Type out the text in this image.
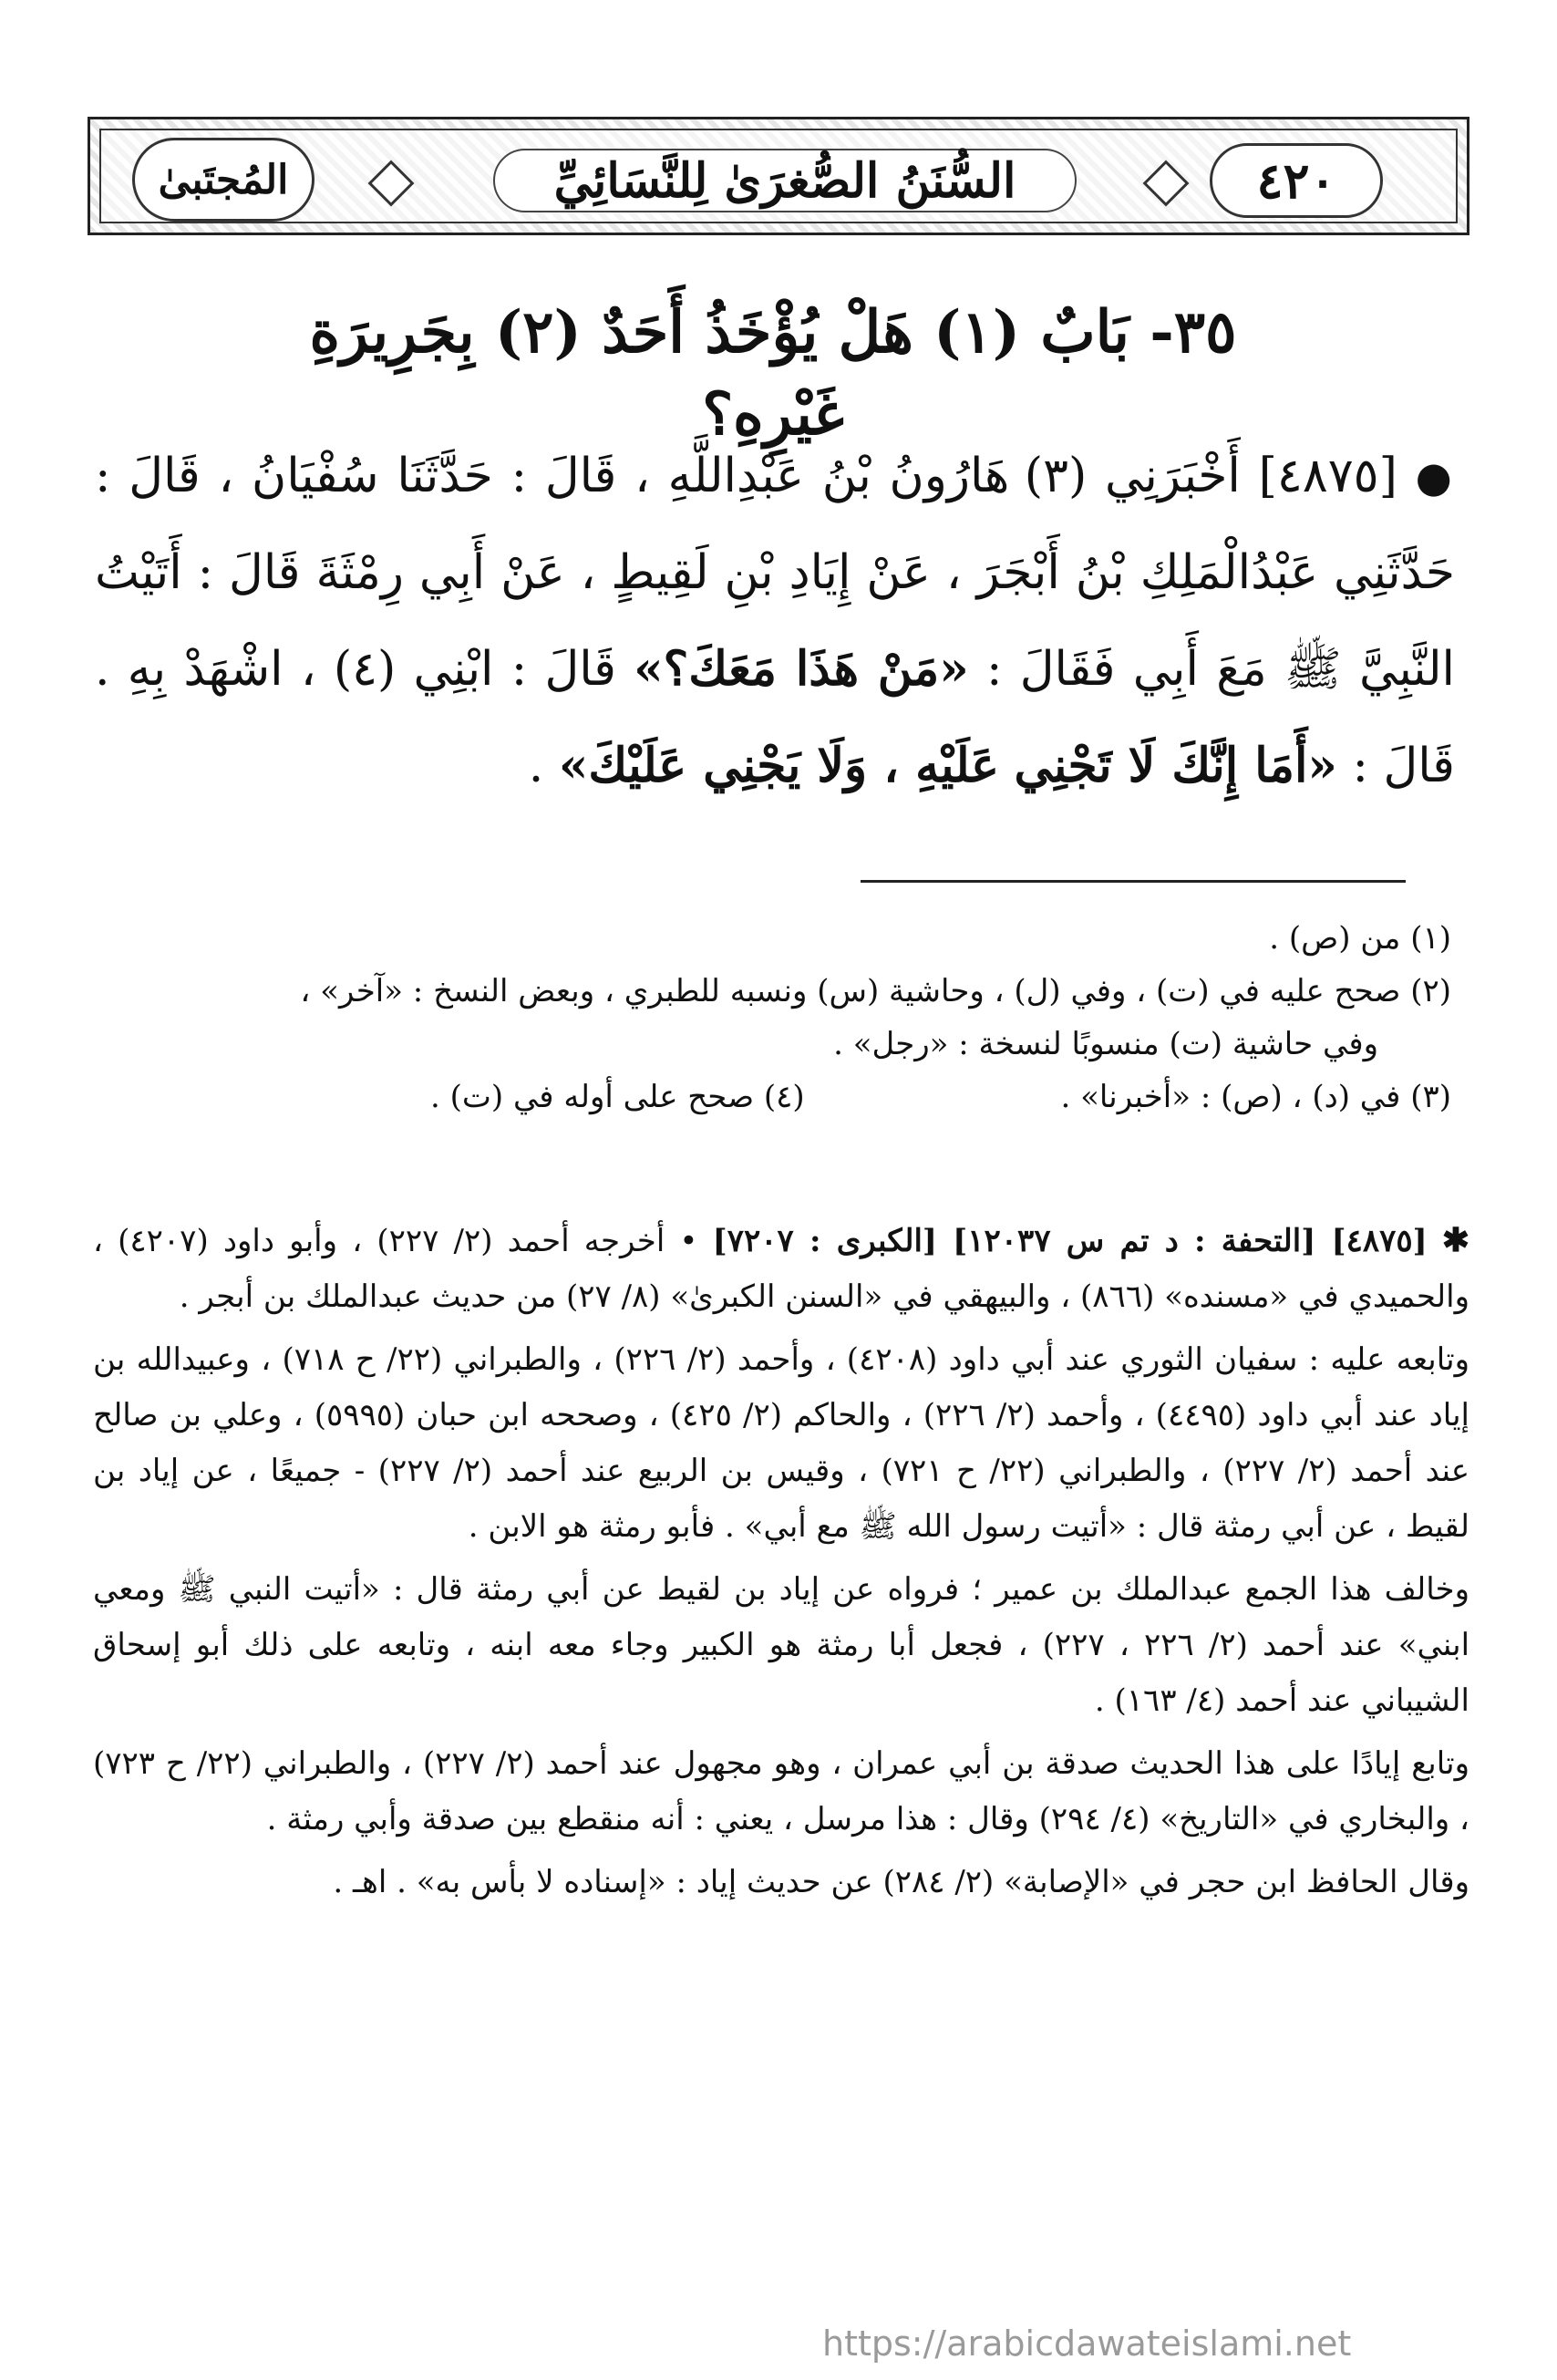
٤٢٠
السُّنَنُ الصُّغرَىٰ لِلنَّسَائِيِّ
المُجتَبىٰ
٣٥- بَابٌ (١) هَلْ يُؤْخَذُ أَحَدٌ (٢) بِجَرِيرَةِ غَيْرِهِ؟
● [٤٨٧٥] أَخْبَرَنِي (٣) هَارُونُ بْنُ عَبْدِاللَّهِ ، قَالَ : حَدَّثَنَا سُفْيَانُ ، قَالَ : حَدَّثَنِي عَبْدُالْمَلِكِ بْنُ أَبْجَرَ ، عَنْ إِيَادِ بْنِ لَقِيطٍ ، عَنْ أَبِي رِمْثَةَ قَالَ : أَتَيْتُ النَّبِيَّ ﷺ مَعَ أَبِي فَقَالَ : «مَنْ هَذَا مَعَكَ؟» قَالَ : ابْنِي (٤) ، اشْهَدْ بِهِ . قَالَ : «أَمَا إِنَّكَ لَا تَجْنِي عَلَيْهِ ، وَلَا يَجْنِي عَلَيْكَ» .

(١) من (ص) .

(٢) صحح عليه في (ت) ، وفي (ل) ، وحاشية (س) ونسبه للطبري ، وبعض النسخ : «آخر» ،

وفي حاشية (ت) منسوبًا لنسخة : «رجل» .

(٣) في (د) ، (ص) : «أخبرنا» .
(٤) صحح على أوله في (ت) .

✱ [٤٨٧٥] [التحفة : د تم س ١٢٠٣٧] [الكبرى : ٧٢٠٧] • أخرجه أحمد (٢/ ٢٢٧) ، وأبو داود (٤٢٠٧) ، والحميدي في «مسنده» (٨٦٦) ، والبيهقي في «السنن الكبرىٰ» (٨/ ٢٧) من حديث عبدالملك بن أبجر .

وتابعه عليه : سفيان الثوري عند أبي داود (٤٢٠٨) ، وأحمد (٢/ ٢٢٦) ، والطبراني (٢٢/ ح ٧١٨) ، وعبيدالله بن إياد عند أبي داود (٤٤٩٥) ، وأحمد (٢/ ٢٢٦) ، والحاكم (٢/ ٤٢٥) ، وصححه ابن حبان (٥٩٩٥) ، وعلي بن صالح عند أحمد (٢/ ٢٢٧) ، والطبراني (٢٢/ ح ٧٢١) ، وقيس بن الربيع عند أحمد (٢/ ٢٢٧) - جميعًا ، عن إياد بن لقيط ، عن أبي رمثة قال : «أتيت رسول الله ﷺ مع أبي» . فأبو رمثة هو الابن .

وخالف هذا الجمع عبدالملك بن عمير ؛ فرواه عن إياد بن لقيط عن أبي رمثة قال : «أتيت النبي ﷺ ومعي ابني» عند أحمد (٢/ ٢٢٦ ، ٢٢٧) ، فجعل أبا رمثة هو الكبير وجاء معه ابنه ، وتابعه على ذلك أبو إسحاق الشيباني عند أحمد (٤/ ١٦٣) .

وتابع إيادًا على هذا الحديث صدقة بن أبي عمران ، وهو مجهول عند أحمد (٢/ ٢٢٧) ، والطبراني (٢٢/ ح ٧٢٣) ، والبخاري في «التاريخ» (٤/ ٢٩٤) وقال : هذا مرسل ، يعني : أنه منقطع بين صدقة وأبي رمثة .

وقال الحافظ ابن حجر في «الإصابة» (٢/ ٢٨٤) عن حديث إياد : «إسناده لا بأس به» . اهـ .

https://arabicdawateislami.net
